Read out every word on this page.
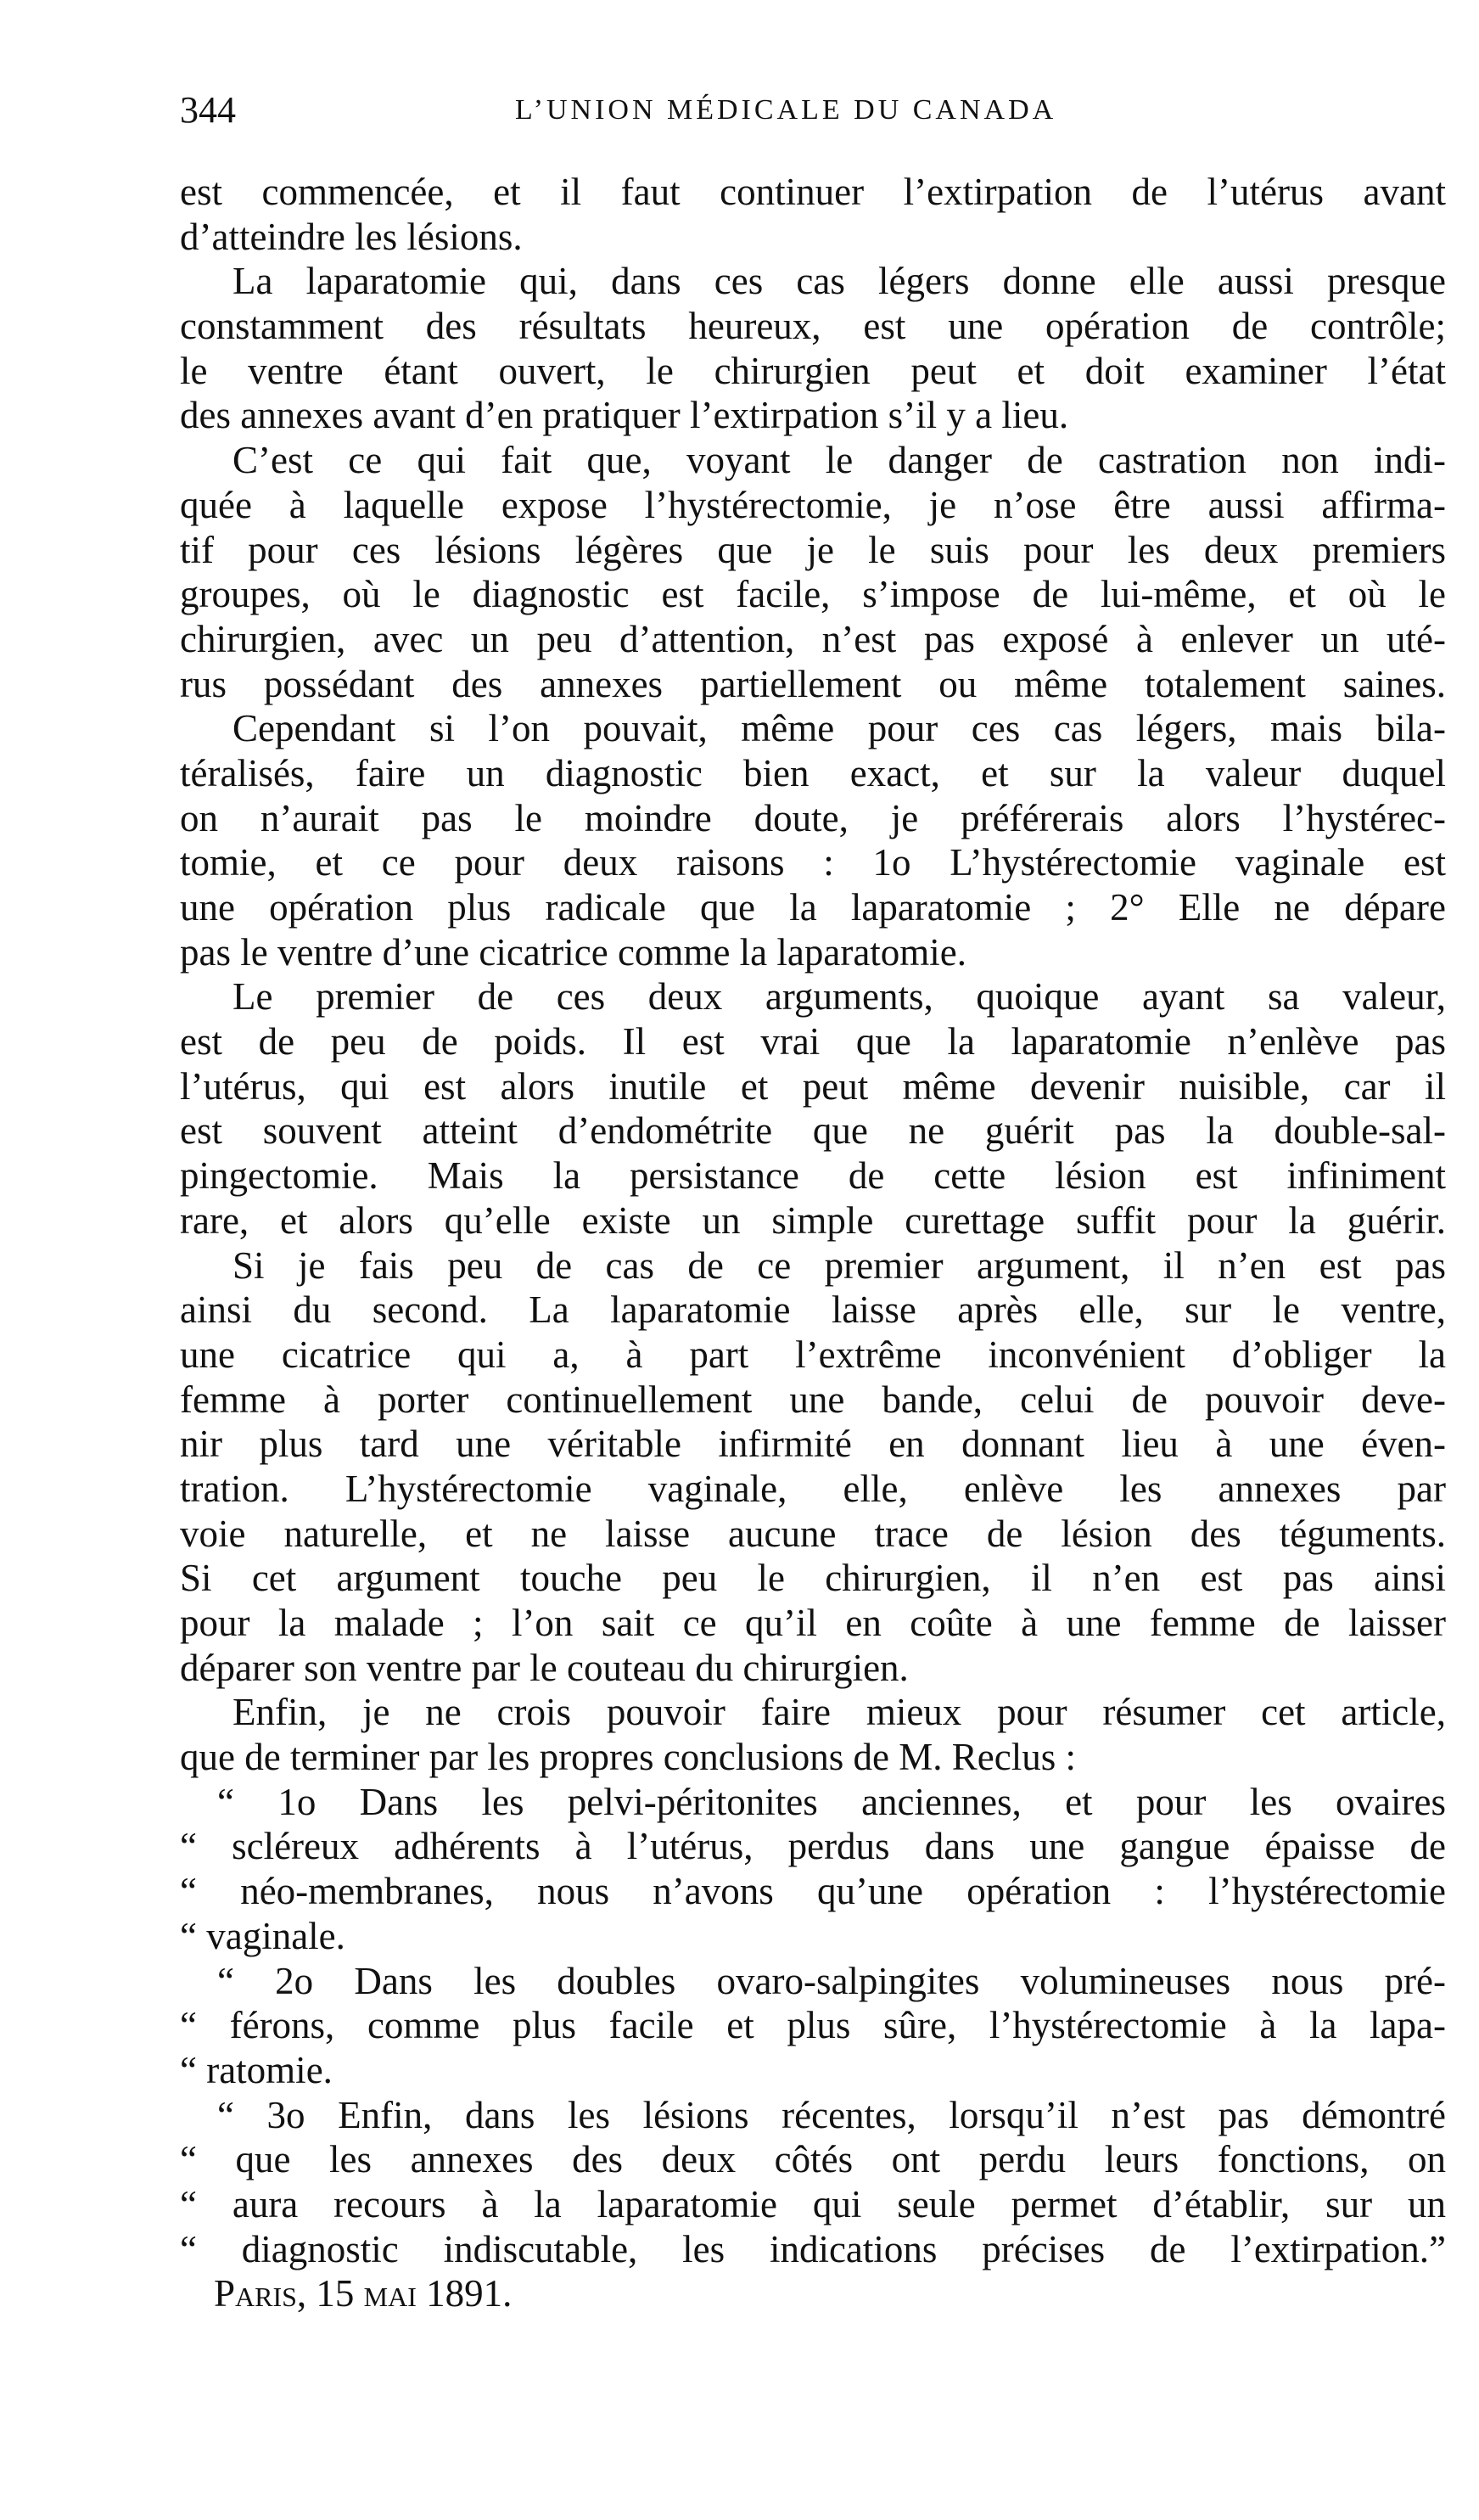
344	L’UNION MÉDICALE DU CANADA
est commencée, et il faut continuer l’extirpation de l’utérus avant
d’atteindre les lésions.
La laparatomie qui, dans ces cas légers donne elle aussi presque
constamment des résultats heureux, est une opération de contrôle;
le ventre étant ouvert, le chirurgien peut et doit examiner l’état
des annexes avant d’en pratiquer l’extirpation s’il y a lieu.
C’est ce qui fait que, voyant le danger de castration non indi-
quée à laquelle expose l’hystérectomie, je n’ose être aussi affirma-
tif pour ces lésions légères que je le suis pour les deux premiers
groupes, où le diagnostic est facile, s’impose de lui-même, et où le
chirurgien, avec un peu d’attention, n’est pas exposé à enlever un uté-
rus possédant des annexes partiellement ou même totalement saines.
Cependant si l’on pouvait, même pour ces cas légers, mais bila-
téralisés, faire un diagnostic bien exact, et sur la valeur duquel
on n’aurait pas le moindre doute, je préférerais alors l’hystérec-
tomie, et ce pour deux raisons : 1o L’hystérectomie vaginale est
une opération plus radicale que la laparatomie ; 2° Elle ne dépare
pas le ventre d’une cicatrice comme la laparatomie.
Le premier de ces deux arguments, quoique ayant sa valeur,
est de peu de poids. Il est vrai que la laparatomie n’enlève pas
l’utérus, qui est alors inutile et peut même devenir nuisible, car il
est souvent atteint d’endométrite que ne guérit pas la double-sal-
pingectomie. Mais la persistance de cette lésion est infiniment
rare, et alors qu’elle existe un simple curettage suffit pour la guérir.
Si je fais peu de cas de ce premier argument, il n’en est pas
ainsi du second. La laparatomie laisse après elle, sur le ventre,
une cicatrice qui a, à part l’extrême inconvénient d’obliger la
femme à porter continuellement une bande, celui de pouvoir deve-
nir plus tard une véritable infirmité en donnant lieu à une éven-
tration. L’hystérectomie vaginale, elle, enlève les annexes par
voie naturelle, et ne laisse aucune trace de lésion des téguments.
Si cet argument touche peu le chirurgien, il n’en est pas ainsi
pour la malade ; l’on sait ce qu’il en coûte à une femme de laisser
déparer son ventre par le couteau du chirurgien.
Enfin, je ne crois pouvoir faire mieux pour résumer cet article,
que de terminer par les propres conclusions de M. Reclus :
“ 1o Dans les pelvi-péritonites anciennes, et pour les ovaires
“ scléreux adhérents à l’utérus, perdus dans une gangue épaisse de
“ néo-membranes, nous n’avons qu’une opération : l’hystérectomie
“ vaginale.
“ 2o Dans les doubles ovaro-salpingites volumineuses nous pré-
“ férons, comme plus facile et plus sûre, l’hystérectomie à la lapa-
“ ratomie.
“ 3o Enfin, dans les lésions récentes, lorsqu’il n’est pas démontré
“ que les annexes des deux côtés ont perdu leurs fonctions, on
“ aura recours à la laparatomie qui seule permet d’établir, sur un
“ diagnostic indiscutable, les indications précises de l’extirpation.”
Paris, 15 mai 1891.
